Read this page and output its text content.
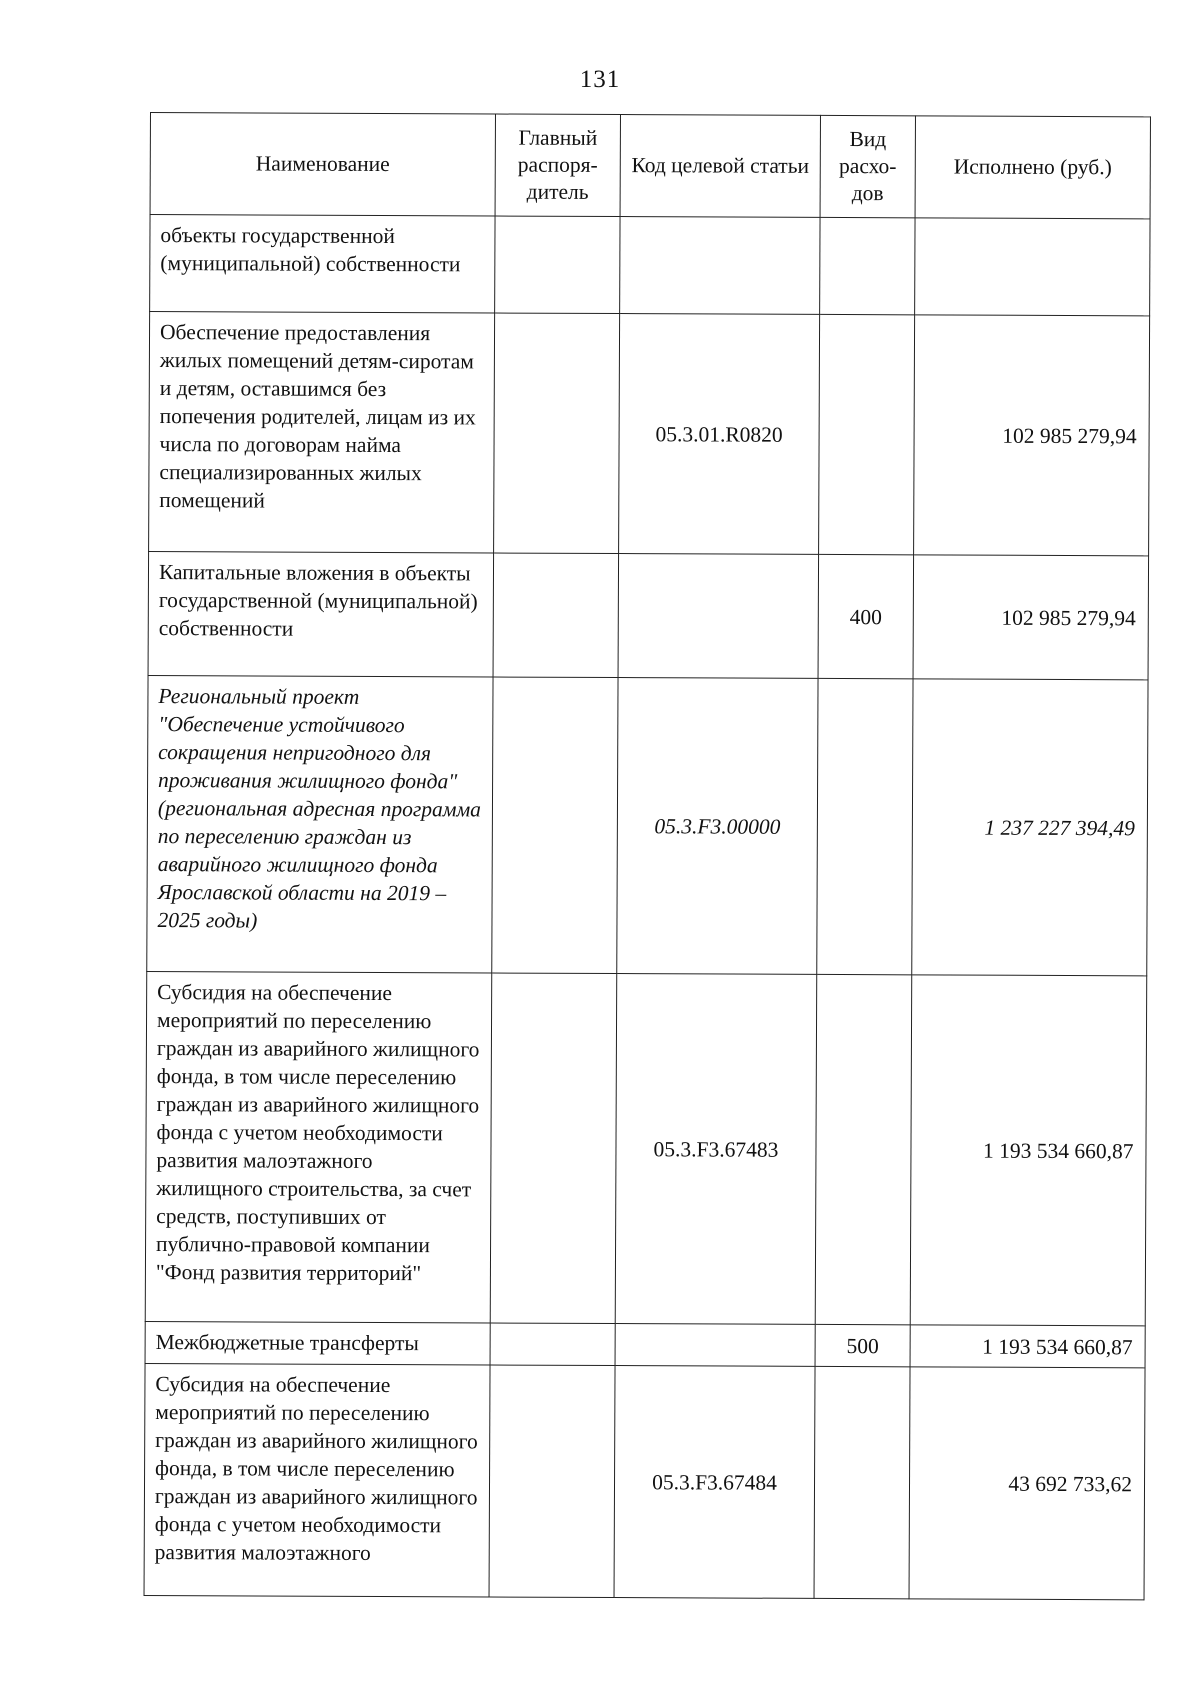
131
Наименование	Главный распоря-дитель	Код целевой статьи	Вид расхо-дов	Исполнено (руб.)
объекты государственной (муниципальной) собственности				
Обеспечение предоставления жилых помещений детям-сиротам и детям, оставшимся без попечения родителей, лицам из их числа по договорам найма специализированных жилых помещений		05.3.01.R0820		102 985 279,94
Капитальные вложения в объекты государственной (муниципальной) собственности			400	102 985 279,94
Региональный проект "Обеспечение устойчивого сокращения непригодного для проживания жилищного фонда" (региональная адресная программа по переселению граждан из аварийного жилищного фонда Ярославской области на 2019 – 2025 годы)		05.3.F3.00000		1 237 227 394,49
Субсидия на обеспечение мероприятий по переселению граждан из аварийного жилищного фонда, в том числе переселению граждан из аварийного жилищного фонда с учетом необходимости развития малоэтажного жилищного строительства, за счет средств, поступивших от публично-правовой компании "Фонд развития территорий"		05.3.F3.67483		1 193 534 660,87
Межбюджетные трансферты			500	1 193 534 660,87
Субсидия на обеспечение мероприятий по переселению граждан из аварийного жилищного фонда, в том числе переселению граждан из аварийного жилищного фонда с учетом необходимости развития малоэтажного		05.3.F3.67484		43 692 733,62
